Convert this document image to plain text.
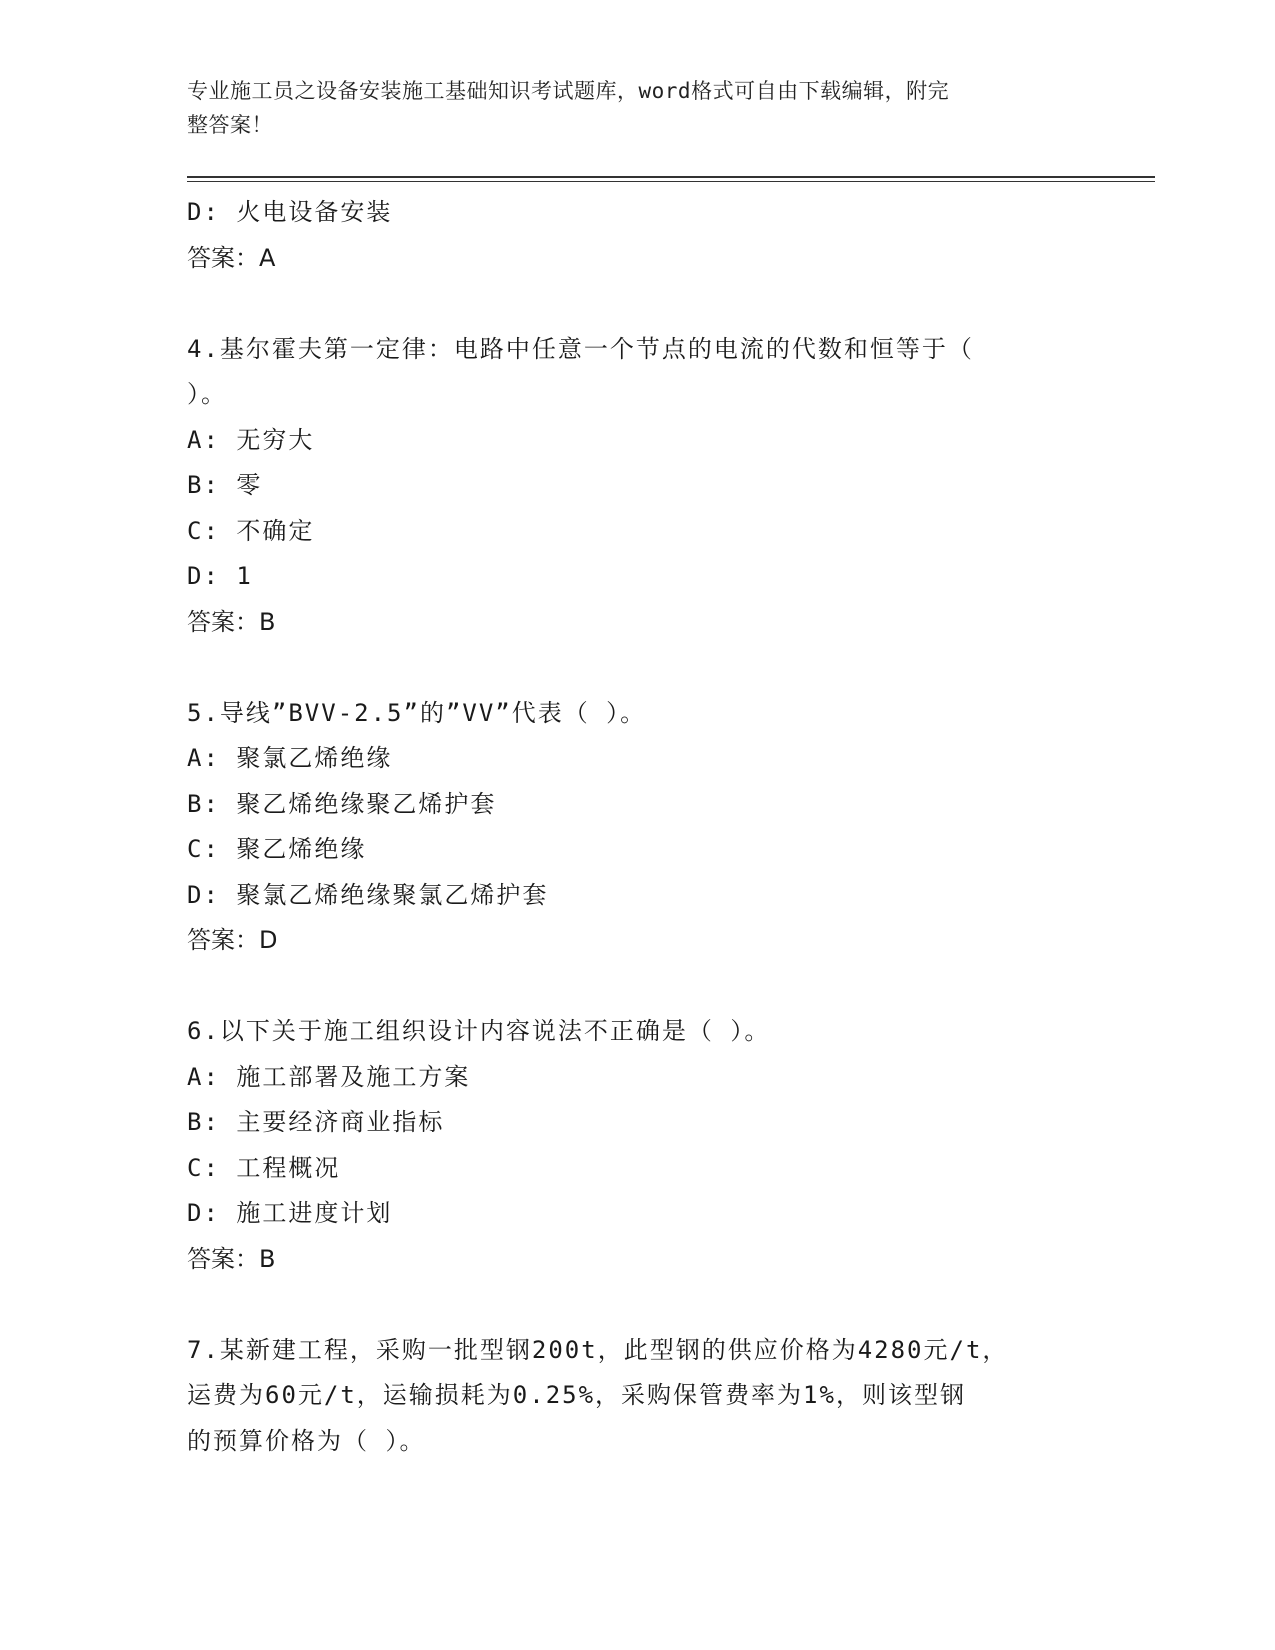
专业施工员之设备安装施工基础知识考试题库，word格式可自由下载编辑，附完
整答案！
D: 火电设备安装
答案：A
4.基尔霍夫第一定律：电路中任意一个节点的电流的代数和恒等于（
）。
A: 无穷大
B: 零
C: 不确定
D: 1
答案：B
5.导线”BVV-2.5”的”VV”代表（ ）。
A: 聚氯乙烯绝缘
B: 聚乙烯绝缘聚乙烯护套
C: 聚乙烯绝缘
D: 聚氯乙烯绝缘聚氯乙烯护套
答案：D
6.以下关于施工组织设计内容说法不正确是（ ）。
A: 施工部署及施工方案
B: 主要经济商业指标
C: 工程概况
D: 施工进度计划
答案：B
7.某新建工程，采购一批型钢200t，此型钢的供应价格为4280元/t，
运费为60元/t，运输损耗为0.25%，采购保管费率为1%，则该型钢
的预算价格为（ ）。
